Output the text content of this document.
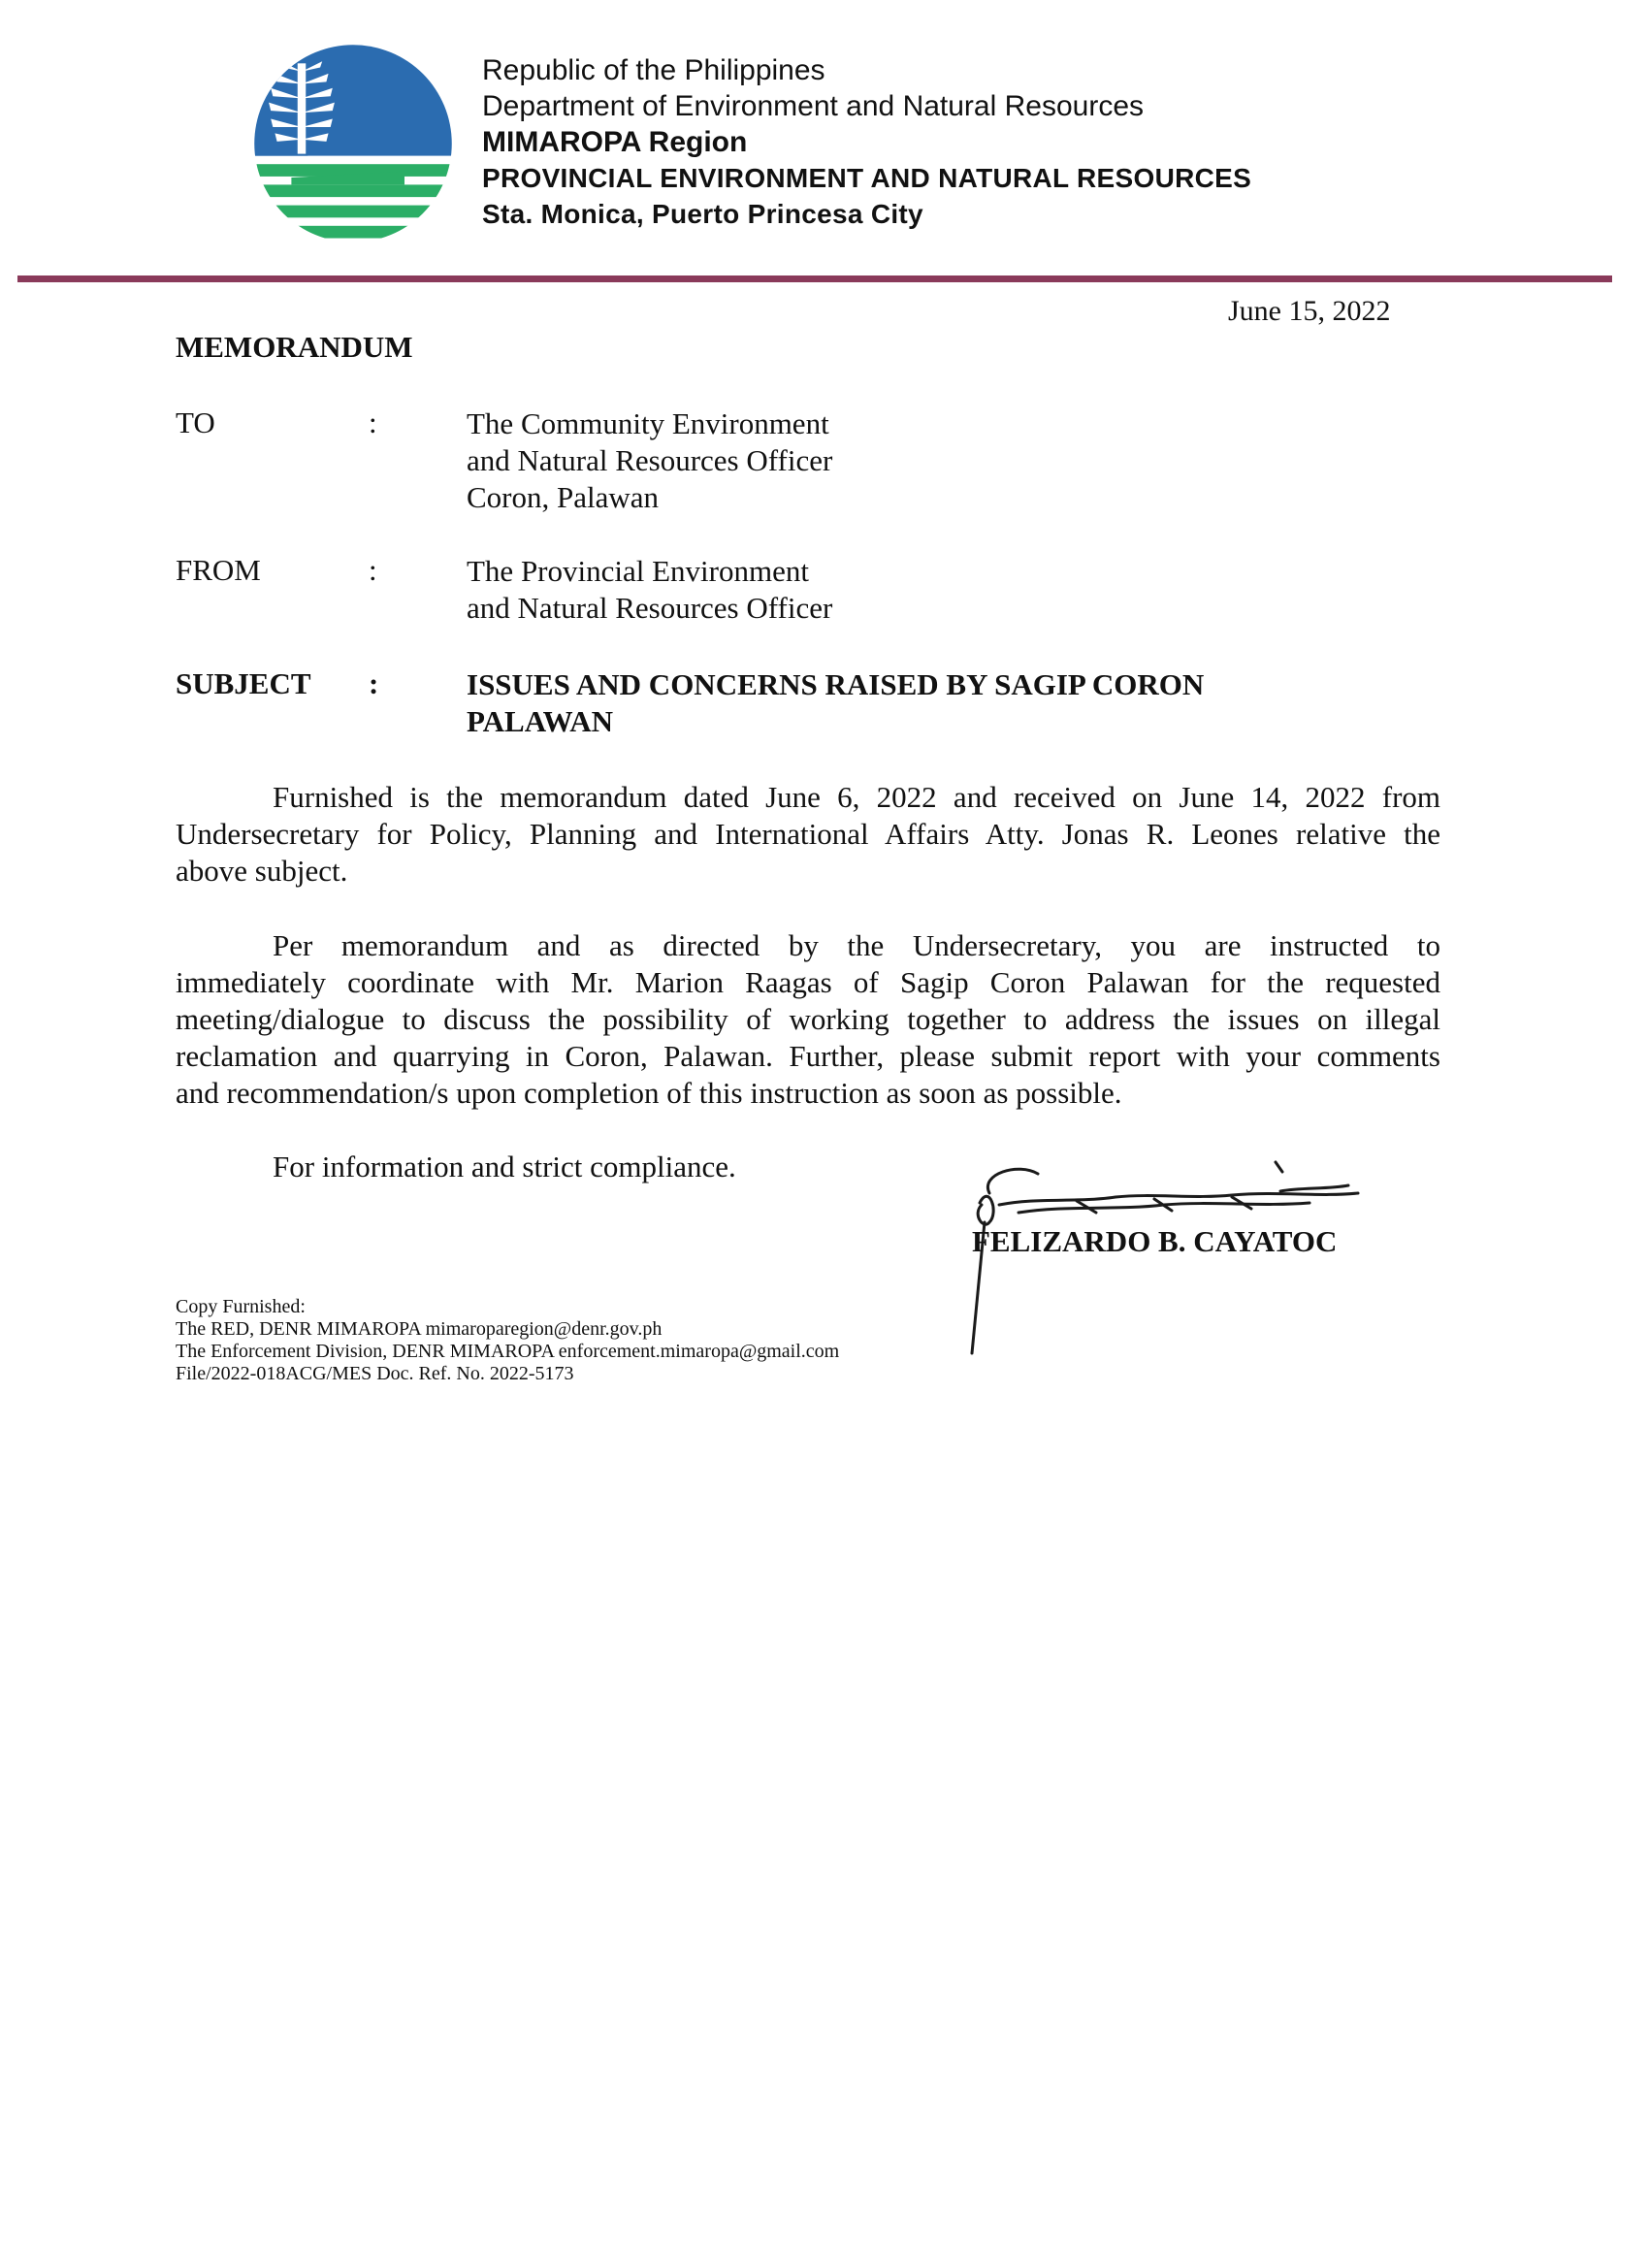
Republic of the Philippines
Department of Environment and Natural Resources
MIMAROPA Region
PROVINCIAL ENVIRONMENT AND NATURAL RESOURCES
Sta. Monica, Puerto Princesa City
June 15, 2022
MEMORANDUM
TO	:	The Community Environment
and Natural Resources Officer
Coron, Palawan
FROM	:	The Provincial Environment
and Natural Resources Officer
SUBJECT :	ISSUES AND CONCERNS RAISED BY SAGIP CORON
PALAWAN
Furnished is the memorandum dated June 6, 2022 and received on June 14, 2022 from
Undersecretary for Policy, Planning and International Affairs Atty. Jonas R. Leones relative the
above subject.
Per memorandum and as directed by the Undersecretary, you are instructed to
immediately coordinate with Mr. Marion Raagas of Sagip Coron Palawan for the requested
meeting/dialogue to discuss the possibility of working together to address the issues on illegal
reclamation and quarrying in Coron, Palawan. Further, please submit report with your comments
and recommendation/s upon completion of this instruction as soon as possible.
For information and strict compliance.
FELIZARDO B. CAYATOC
Copy Furnished:
The RED, DENR MIMAROPA mimaroparegion@denr.gov.ph
The Enforcement Division, DENR MIMAROPA enforcement.mimaropa@gmail.com
File/2022-018ACG/MES Doc. Ref. No. 2022-5173
